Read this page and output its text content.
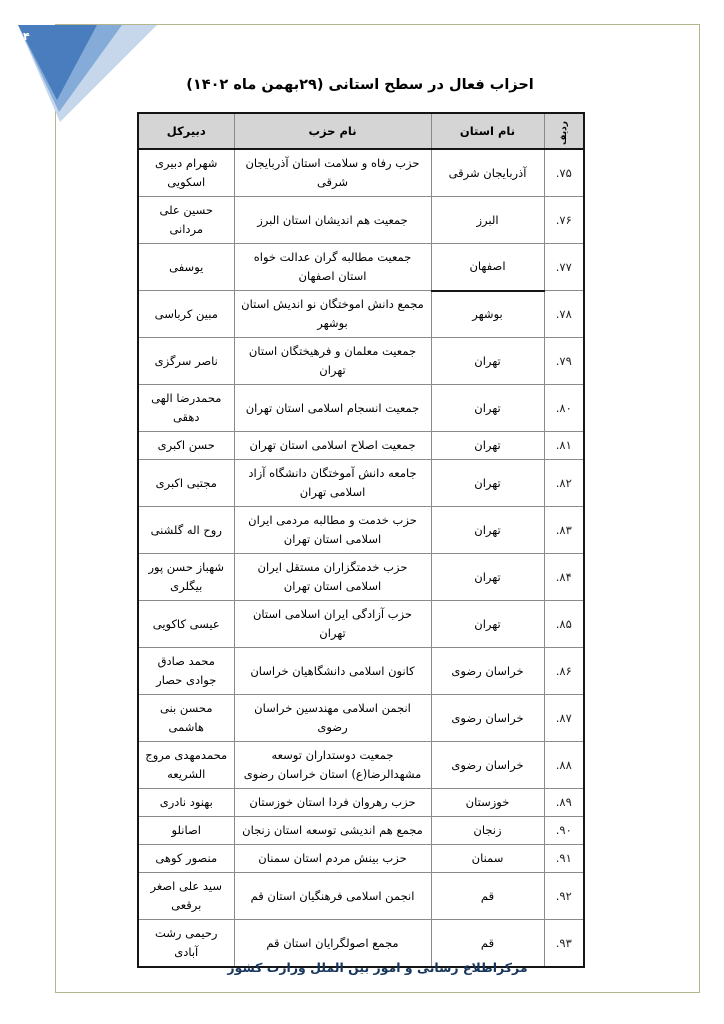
۴
احزاب فعال در سطح استانی (۲۹بهمن ماه ۱۴۰۲)
ردیف	نام استان	نام حزب	دبیرکل
۷۵.	آذربایجان شرقی	حزب رفاه و سلامت استان آذربایجان شرقی	شهرام دبیری اسکویی
۷۶.	البرز	جمعیت هم اندیشان استان البرز	حسین علی مردانی
۷۷.	اصفهان	جمعیت مطالبه گران عدالت خواه استان اصفهان	یوسفی
۷۸.	بوشهر	مجمع دانش اموختگان نو اندیش استان بوشهر	مبین کرباسی
۷۹.	تهران	جمعیت معلمان و فرهیختگان استان تهران	ناصر سرگزی
۸۰.	تهران	جمعیت انسجام اسلامی استان تهران	محمدرضا الهی دهقی
۸۱.	تهران	جمعیت اصلاح اسلامی استان تهران	حسن اکبری
۸۲.	تهران	جامعه دانش آموختگان دانشگاه آزاد اسلامی تهران	مجتبی اکبری
۸۳.	تهران	حزب خدمت و مطالبه مردمی ایران اسلامی استان تهران	روح اله گلشنی
۸۴.	تهران	حزب خدمتگزاران مستقل ایران اسلامی استان تهران	شهباز حسن پور بیگلری
۸۵.	تهران	حزب آزادگی ایران اسلامی استان تهران	عیسی کاکویی
۸۶.	خراسان رضوی	کانون اسلامی دانشگاهیان خراسان	محمد صادق جوادی حصار
۸۷.	خراسان رضوی	انجمن اسلامی مهندسین خراسان رضوی	محسن بنی هاشمی
۸۸.	خراسان رضوی	جمعیت دوستداران توسعه مشهدالرضا(ع) استان خراسان رضوی	محمدمهدی مروج الشریعه
۸۹.	خوزستان	حزب رهروان فردا استان خوزستان	بهنود نادری
۹۰.	زنجان	مجمع هم اندیشی توسعه استان زنجان	اصانلو
۹۱.	سمنان	حزب بینش مردم استان سمنان	منصور کوهی
۹۲.	قم	انجمن اسلامی فرهنگیان استان قم	سید علی اصغر برقعی
۹۳.	قم	مجمع اصولگرایان استان قم	رحیمی رشت آبادی
مرکزاطلاع رسانی و امور بین الملل وزارت کشور
